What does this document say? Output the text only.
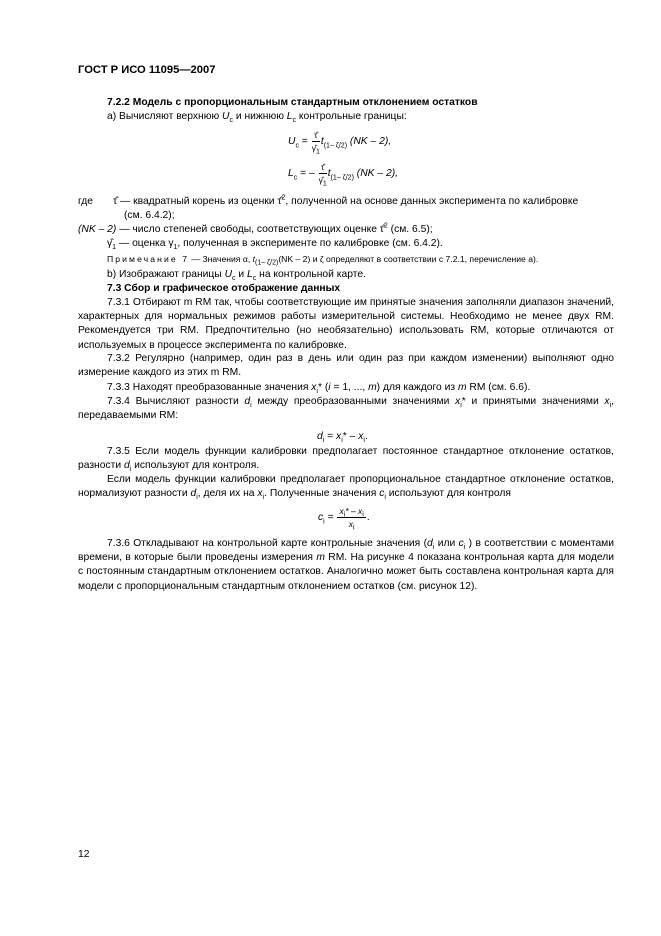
ГОСТ Р ИСО 11095—2007
7.2.2 Модель с пропорциональным стандартным отклонением остатков
а) Вычисляют верхнюю $U_c$ и нижнюю $L_c$ контрольные границы:
$U_c = \frac{\taû}{\gammâ_1} t_{(1- \zeta/2)}$ (NK – 2),
$L_c$ = – $\frac{\taû}{\gammâ_1} t_{(1- \zeta/2)}$ (NK – 2),
где τ̂ — квадратный корень из оценки τ̂$^2$, полученной на основе данных эксперимента по калибровке
(см. 6.4.2);
(NK – 2) — число степеней свободы, соответствующих оценке τ̂$^2$ (см. 6.5);
$\gammâ_1$ — оценка $\gamma_1$, полученная в эксперименте по калибровке (см. 6.4.2).
Примечание 7 — Значения α, $t_{(1- \zeta/2)}(NK - 2)$ и ζ определяют в соответствии с 7.2.1, перечисление а).
b) Изображают границы $U_c$ и $L_c$ на контрольной карте.
7.3 Сбор и графическое отображение данных
7.3.1 Отбирают m RM так, чтобы соответствующие им принятые значения заполняли диапазон значений, характерных для нормальных режимов работы измерительной системы. Необходимо не менее двух RM. Рекомендуется три RM. Предпочтительно (но необязательно) использовать RM, которые отличаются от используемых в процессе эксперимента по калибровке.
7.3.2 Регулярно (например, один раз в день или один раз при каждом изменении) выполняют одно измерение каждого из этих m RM.
7.3.3 Находят преобразованные значения $x_i*$ (i = 1, ..., m) для каждого из m RM (см. 6.6).
7.3.4 Вычисляют разности $d_i$ между преобразованными значениями $x_i*$ и принятыми значениями $x_i$, передаваемыми RM:
$d_i = x_i* - x_i$.
7.3.5 Если модель функции калибровки предполагает постоянное стандартное отклонение остатков, разности $d_i$ используют для контроля.
Если модель функции калибровки предполагает пропорциональное стандартное отклонение остатков, нормализуют разности $d_i$, деля их на $x_i$. Полученные значения $c_i$ используют для контроля
$c_i = \frac{x_i* - x_i}{x_i}$ .
7.3.6 Откладывают на контрольной карте контрольные значения ($d_i$ или $c_i$ ) в соответствии с моментами времени, в которые были проведены измерения m RM. На рисунке 4 показана контрольная карта для модели с постоянным стандартным отклонением остатков. Аналогично может быть составлена контрольная карта для модели с пропорциональным стандартным отклонением остатков (см. рисунок 12).
12
